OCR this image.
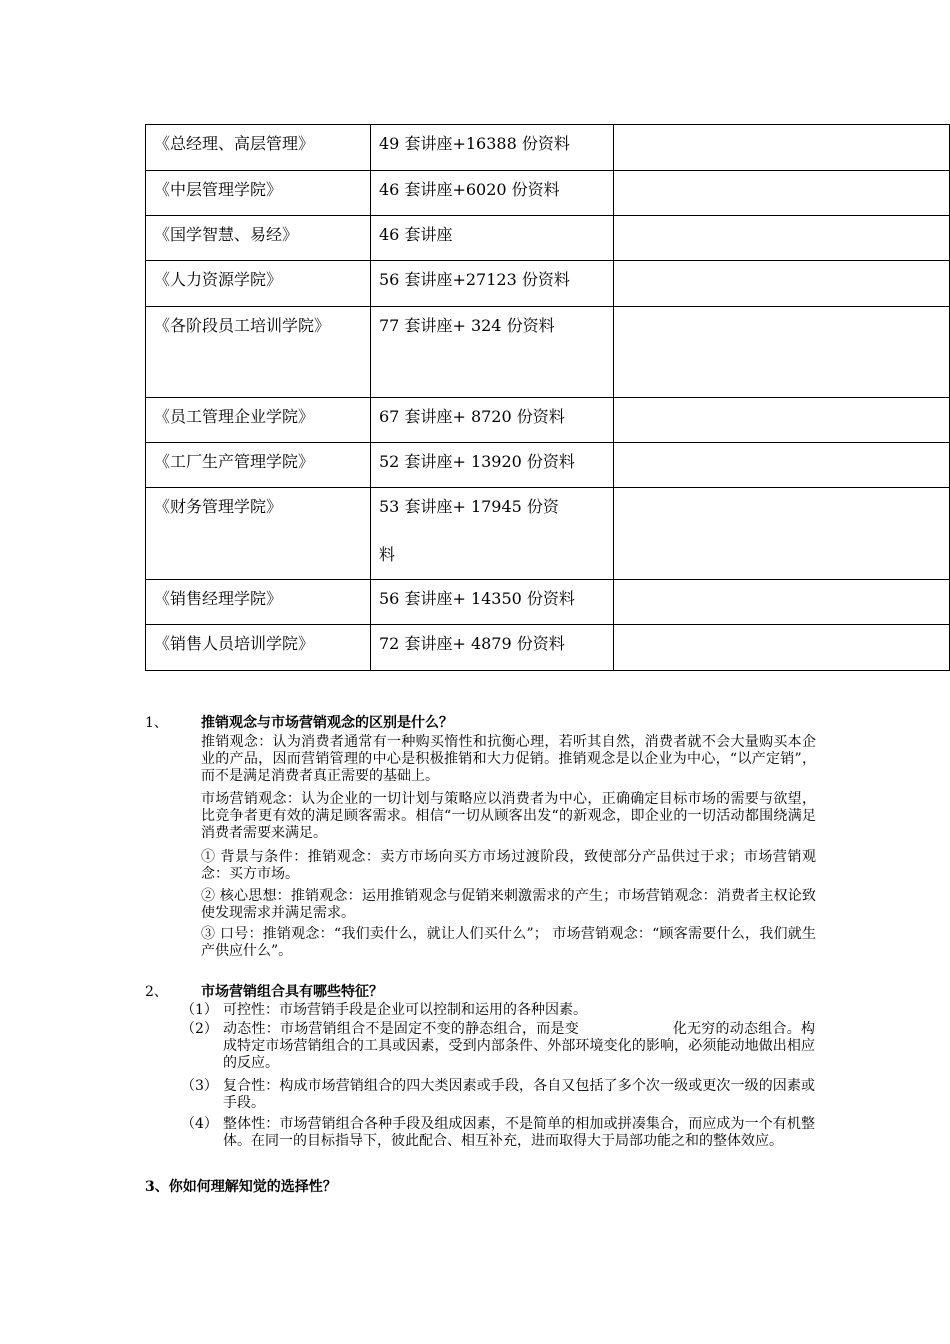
《总经理、高层管理》	49 套讲座+16388 份资料	

《中层管理学院》	46 套讲座+6020 份资料	

《国学智慧、易经》	46 套讲座	

《人力资源学院》	56 套讲座+27123 份资料	

《各阶段员工培训学院》	77 套讲座+ 324 份资料	

《员工管理企业学院》	67 套讲座+ 8720 份资料	

《工厂生产管理学院》	52 套讲座+ 13920 份资料	

《财务管理学院》	53 套讲座+ 17945 份资料	

《销售经理学院》	56 套讲座+ 14350 份资料	

《销售人员培训学院》	72 套讲座+ 4879 份资料	

1、 推销观念与市场营销观念的区别是什么？
推销观念：认为消费者通常有一种购买惰性和抗衡心理，若听其自然，消费者就不会大量购买本企业的产品，因而营销管理的中心是积极推销和大力促销。推销观念是以企业为中心，“以产定销”，而不是满足消费者真正需要的基础上。
市场营销观念：认为企业的一切计划与策略应以消费者为中心，正确确定目标市场的需要与欲望，比竞争者更有效的满足顾客需求。相信“一切从顾客出发“的新观念，即企业的一切活动都围绕满足消费者需要来满足。
① 背景与条件：推销观念：卖方市场向买方市场过渡阶段，致使部分产品供过于求；市场营销观念：买方市场。
② 核心思想：推销观念：运用推销观念与促销来刺激需求的产生；市场营销观念：消费者主权论致使发现需求并满足需求。
③ 口号：推销观念：“我们卖什么，就让人们买什么”； 市场营销观念：“顾客需要什么，我们就生产供应什么”。
2、 市场营销组合具有哪些特征？
（1） 可控性：市场营销手段是企业可以控制和运用的各种因素。
（2） 动态性：市场营销组合不是固定不变的静态组合，而是变                    化无穷的动态组合。构成特定市场营销组合的工具或因素，受到内部条件、外部环境变化的影响，必须能动地做出相应的反应。
（3） 复合性：构成市场营销组合的四大类因素或手段，各自又包括了多个次一级或更次一级的因素或手段。
（4） 整体性：市场营销组合各种手段及组成因素，不是简单的相加或拼凑集合，而应成为一个有机整体。在同一的目标指导下，彼此配合、相互补充，进而取得大于局部功能之和的整体效应。
3、你如何理解知觉的选择性？
